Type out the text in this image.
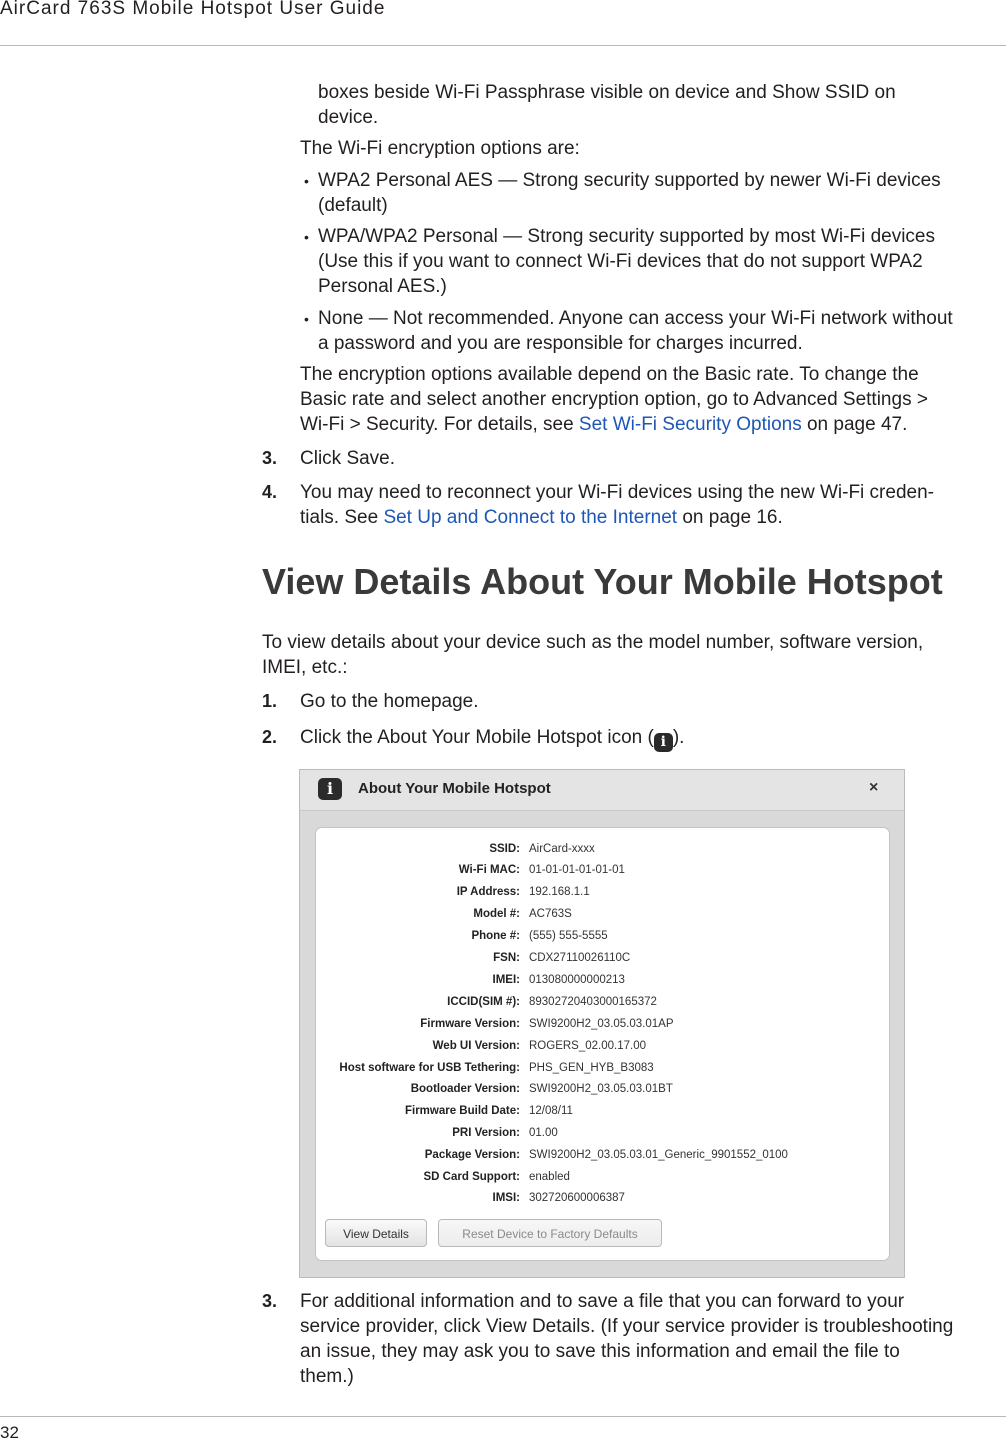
AirCard 763S Mobile Hotspot User Guide

boxes beside Wi-Fi Passphrase visible on device and Show SSID on

device.

The Wi-Fi encryption options are:

• WPA2 Personal AES — Strong security supported by newer Wi-Fi devices

(default)

• WPA/WPA2 Personal — Strong security supported by most Wi-Fi devices

(Use this if you want to connect Wi-Fi devices that do not support WPA2

Personal AES.)

• None — Not recommended. Anyone can access your Wi-Fi network without

a password and you are responsible for charges incurred.

The encryption options available depend on the Basic rate. To change the

Basic rate and select another encryption option, go to Advanced Settings >

Wi-Fi > Security. For details, see Set Wi-Fi Security Options on page 47.

3. Click Save.

4. You may need to reconnect your Wi-Fi devices using the new Wi-Fi creden-

tials. See Set Up and Connect to the Internet on page 16.

View Details About Your Mobile Hotspot

To view details about your device such as the model number, software version,

IMEI, etc.:

1. Go to the homepage.

2. Click the About Your Mobile Hotspot icon ( i ).

i	About Your Mobile Hotspot	×
SSID: AirCard-xxxx
Wi-Fi MAC: 01-01-01-01-01-01
IP Address: 192.168.1.1
Model #: AC763S
Phone #: (555) 555-5555
FSN: CDX27110026110C
IMEI: 013080000000213
ICCID(SIM #): 89302720403000165372
Firmware Version: SWI9200H2_03.05.03.01AP
Web UI Version: ROGERS_02.00.17.00
Host software for USB Tethering: PHS_GEN_HYB_B3083
Bootloader Version: SWI9200H2_03.05.03.01BT
Firmware Build Date: 12/08/11
PRI Version: 01.00
Package Version: SWI9200H2_03.05.03.01_Generic_9901552_0100
SD Card Support: enabled
IMSI: 302720600006387
View Details	Reset Device to Factory Defaults
3. For additional information and to save a file that you can forward to your

service provider, click View Details. (If your service provider is troubleshooting

an issue, they may ask you to save this information and email the file to

them.)

32
